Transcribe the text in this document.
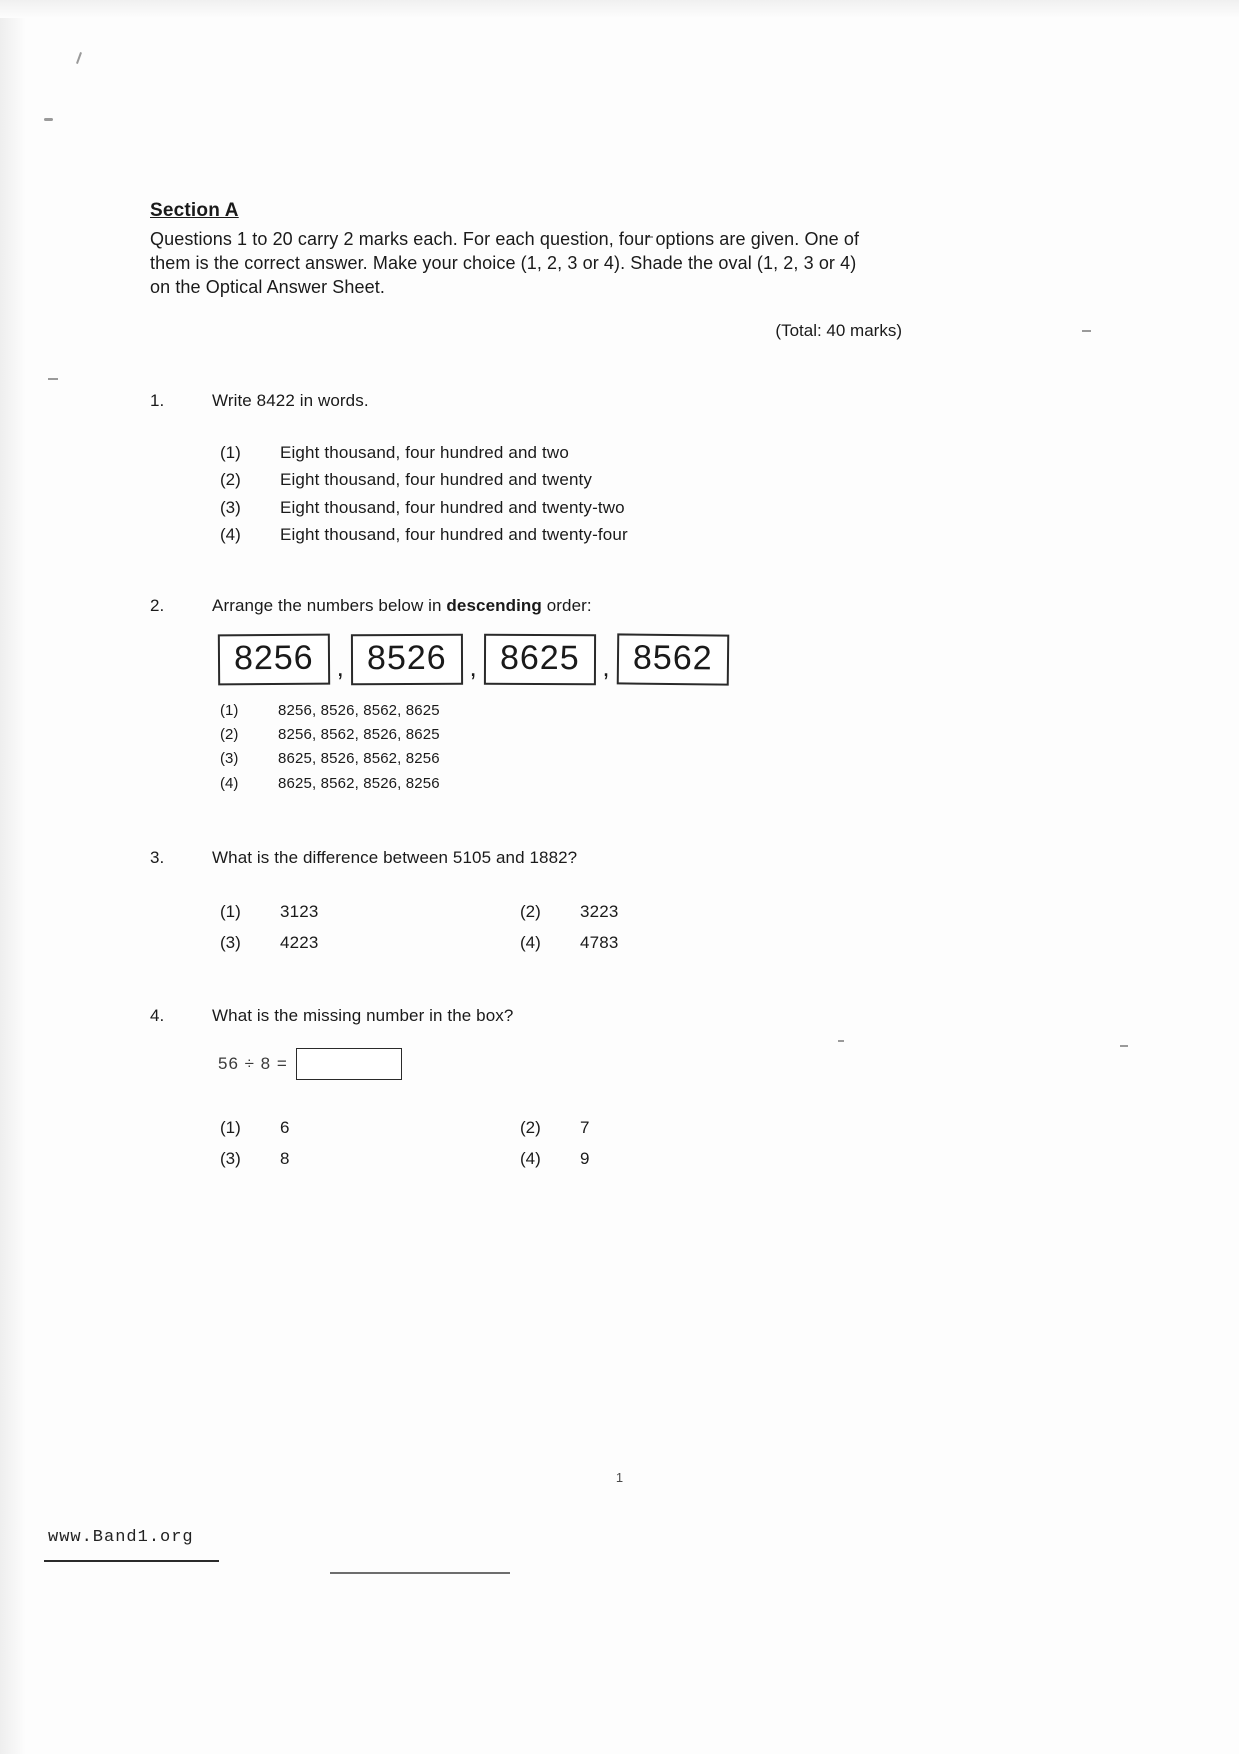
Section A
Questions 1 to 20 carry 2 marks each. For each question, four options are given. One of them is the correct answer. Make your choice (1, 2, 3 or 4). Shade the oval (1, 2, 3 or 4) on the Optical Answer Sheet.
(Total: 40 marks)
1.	Write 8422 in words.
(1)	Eight thousand, four hundred and two
(2)	Eight thousand, four hundred and twenty
(3)	Eight thousand, four hundred and twenty-two
(4)	Eight thousand, four hundred and twenty-four
2.	Arrange the numbers below in descending order:
8256 , 8526 , 8625 , 8562
(1)	8256, 8526, 8562, 8625
(2)	8256, 8562, 8526, 8625
(3)	8625, 8526, 8562, 8256
(4)	8625, 8562, 8526, 8256
3.	What is the difference between 5105 and 1882?
(1)	3123	(2)	3223
(3)	4223	(4)	4783
4.	What is the missing number in the box?
56 ÷ 8 =
(1)	6	(2)	7
(3)	8	(4)	9
1
www.Band1.org
